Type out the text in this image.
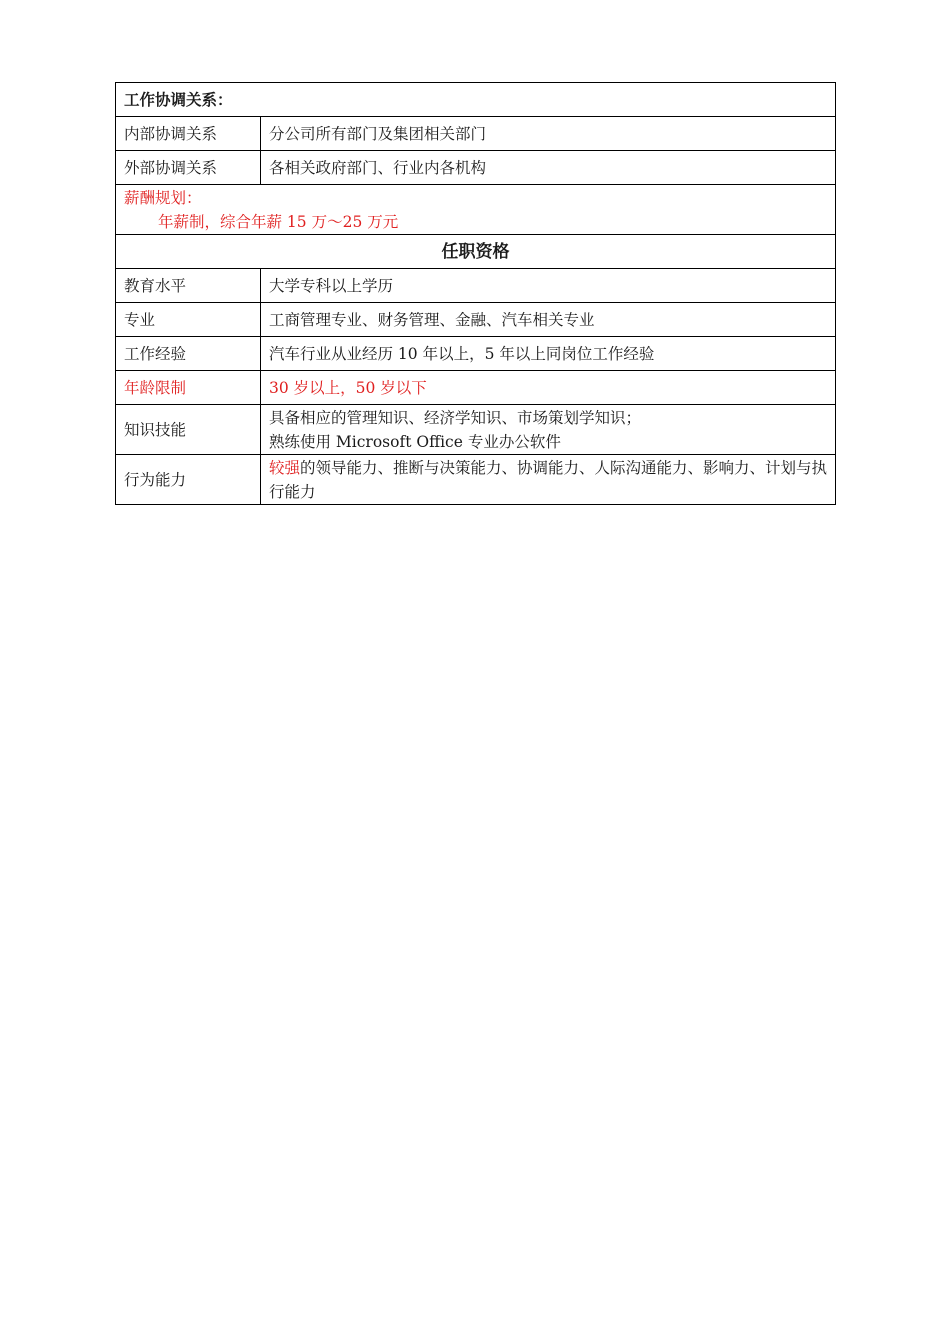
工作协调关系：	
内部协调关系	分公司所有部门及集团相关部门
外部协调关系	各相关政府部门、行业内各机构

薪酬规划：
年薪制，综合年薪 15 万～25 万元	

任职资格	
教育水平	大学专科以上学历
专业	工商管理专业、财务管理、金融、汽车相关专业
工作经验	汽车行业从业经历 10 年以上，5 年以上同岗位工作经验
年龄限制	30 岁以上，50 岁以下
知识技能	具备相应的管理知识、经济学知识、市场策划学知识；
熟练使用 Microsoft Office 专业办公软件

行为能力	较强的领导能力、推断与决策能力、协调能力、人际沟通能力、影响力、计划与执行能力
